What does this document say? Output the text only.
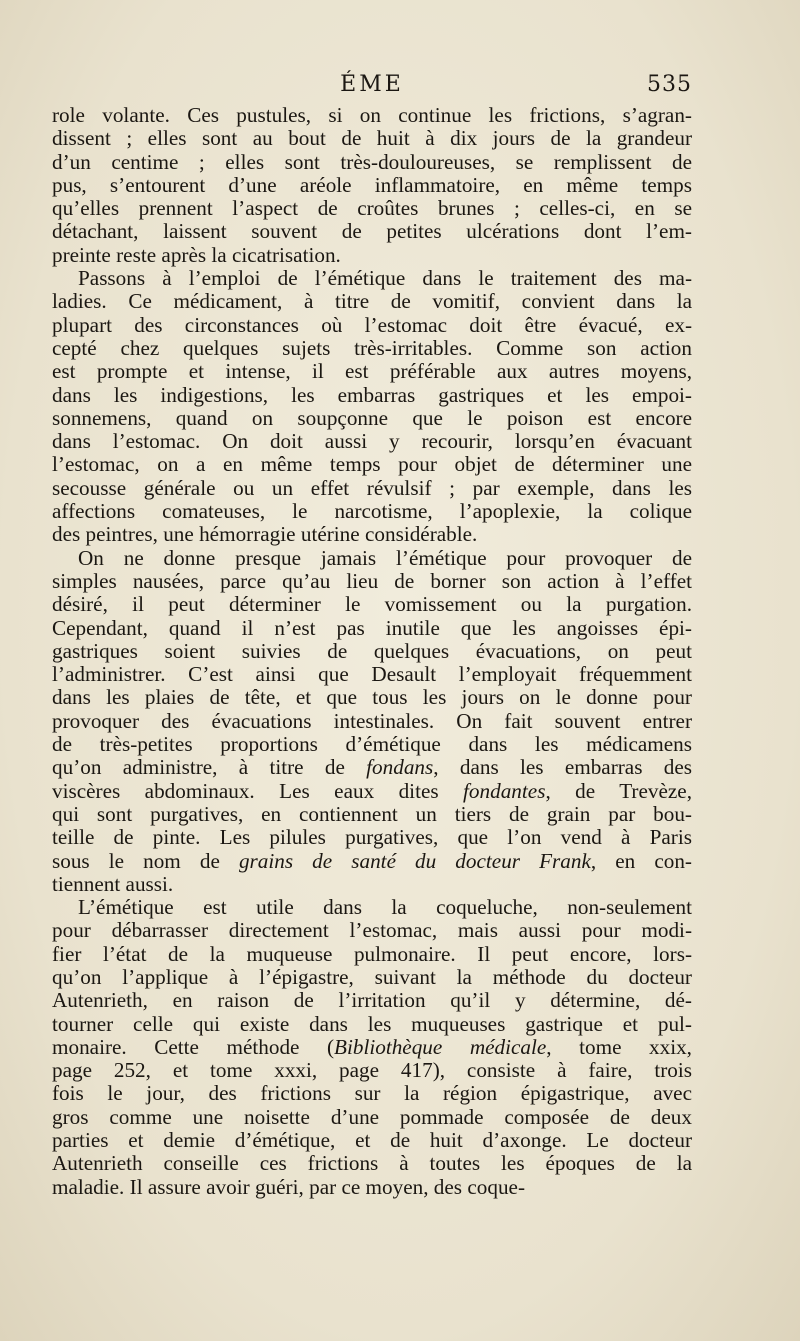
ÉME	535
role volante. Ces pustules, si on continue les frictions, s’agran-
dissent ; elles sont au bout de huit à dix jours de la grandeur
d’un centime ; elles sont très-douloureuses, se remplissent de
pus, s’entourent d’une aréole inflammatoire, en même temps
qu’elles prennent l’aspect de croûtes brunes ; celles-ci, en se
détachant, laissent souvent de petites ulcérations dont l’em-
preinte reste après la cicatrisation.
Passons à l’emploi de l’émétique dans le traitement des ma-
ladies. Ce médicament, à titre de vomitif, convient dans la
plupart des circonstances où l’estomac doit être évacué, ex-
cepté chez quelques sujets très-irritables. Comme son action
est prompte et intense, il est préférable aux autres moyens,
dans les indigestions, les embarras gastriques et les empoi-
sonnemens, quand on soupçonne que le poison est encore
dans l’estomac. On doit aussi y recourir, lorsqu’en évacuant
l’estomac, on a en même temps pour objet de déterminer une
secousse générale ou un effet révulsif ; par exemple, dans les
affections comateuses, le narcotisme, l’apoplexie, la colique
des peintres, une hémorragie utérine considérable.
On ne donne presque jamais l’émétique pour provoquer de
simples nausées, parce qu’au lieu de borner son action à l’effet
désiré, il peut déterminer le vomissement ou la purgation.
Cependant, quand il n’est pas inutile que les angoisses épi-
gastriques soient suivies de quelques évacuations, on peut
l’administrer. C’est ainsi que Desault l’employait fréquemment
dans les plaies de tête, et que tous les jours on le donne pour
provoquer des évacuations intestinales. On fait souvent entrer
de très-petites proportions d’émétique dans les médicamens
qu’on administre, à titre de fondans, dans les embarras des
viscères abdominaux. Les eaux dites fondantes, de Trevèze,
qui sont purgatives, en contiennent un tiers de grain par bou-
teille de pinte. Les pilules purgatives, que l’on vend à Paris
sous le nom de grains de santé du docteur Frank, en con-
tiennent aussi.
L’émétique est utile dans la coqueluche, non-seulement
pour débarrasser directement l’estomac, mais aussi pour modi-
fier l’état de la muqueuse pulmonaire. Il peut encore, lors-
qu’on l’applique à l’épigastre, suivant la méthode du docteur
Autenrieth, en raison de l’irritation qu’il y détermine, dé-
tourner celle qui existe dans les muqueuses gastrique et pul-
monaire. Cette méthode (Bibliothèque médicale, tome xxix,
page 252, et tome xxxi, page 417), consiste à faire, trois
fois le jour, des frictions sur la région épigastrique, avec
gros comme une noisette d’une pommade composée de deux
parties et demie d’émétique, et de huit d’axonge. Le docteur
Autenrieth conseille ces frictions à toutes les époques de la
maladie. Il assure avoir guéri, par ce moyen, des coque-
